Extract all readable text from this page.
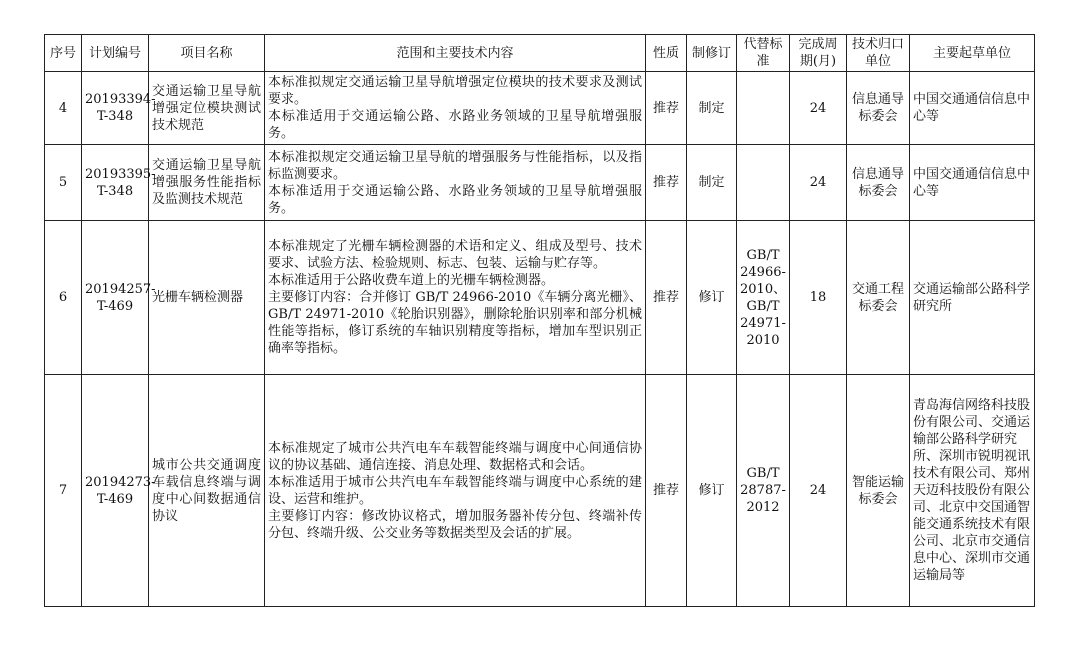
序号	计划编号	项目名称	范围和主要技术内容	性质	制修订	代替标准	完成周期(月)	技术归口单位	主要起草单位
4	20193394-T-348	交通运输卫星导航增强定位模块测试技术规范	本标准拟规定交通运输卫星导航增强定位模块的技术要求及测试要求。
本标准适用于交通运输公路、水路业务领域的卫星导航增强服务。	推荐	制定		24	信息通导标委会	中国交通通信信息中心等
5	20193395-T-348	交通运输卫星导航增强服务性能指标及监测技术规范	本标准拟规定交通运输卫星导航的增强服务与性能指标，以及指标监测要求。
本标准适用于交通运输公路、水路业务领域的卫星导航增强服务。	推荐	制定		24	信息通导标委会	中国交通通信信息中心等
6	20194257-T-469	光栅车辆检测器	本标准规定了光栅车辆检测器的术语和定义、组成及型号、技术要求、试验方法、检验规则、标志、包装、运输与贮存等。
本标准适用于公路收费车道上的光栅车辆检测器。
主要修订内容：合并修订 GB/T 24966-2010《车辆分离光栅》、GB/T 24971-2010《轮胎识别器》，删除轮胎识别率和部分机械性能等指标，修订系统的车轴识别精度等指标，增加车型识别正确率等指标。	推荐	修订	GB/T 24966-2010、GB/T 24971-2010	18	交通工程标委会	交通运输部公路科学研究所
7	20194273-T-469	城市公共交通调度车载信息终端与调度中心间数据通信协议	本标准规定了城市公共汽电车车载智能终端与调度中心间通信协议的协议基础、通信连接、消息处理、数据格式和会话。
本标准适用于城市公共汽电车车载智能终端与调度中心系统的建设、运营和维护。
主要修订内容：修改协议格式，增加服务器补传分包、终端补传分包、终端升级、公交业务等数据类型及会话的扩展。	推荐	修订	GB/T 28787-2012	24	智能运输标委会	青岛海信网络科技股份有限公司、交通运输部公路科学研究所、深圳市锐明视讯技术有限公司、郑州天迈科技股份有限公司、北京中交国通智能交通系统技术有限公司、北京市交通信息中心、深圳市交通运输局等
